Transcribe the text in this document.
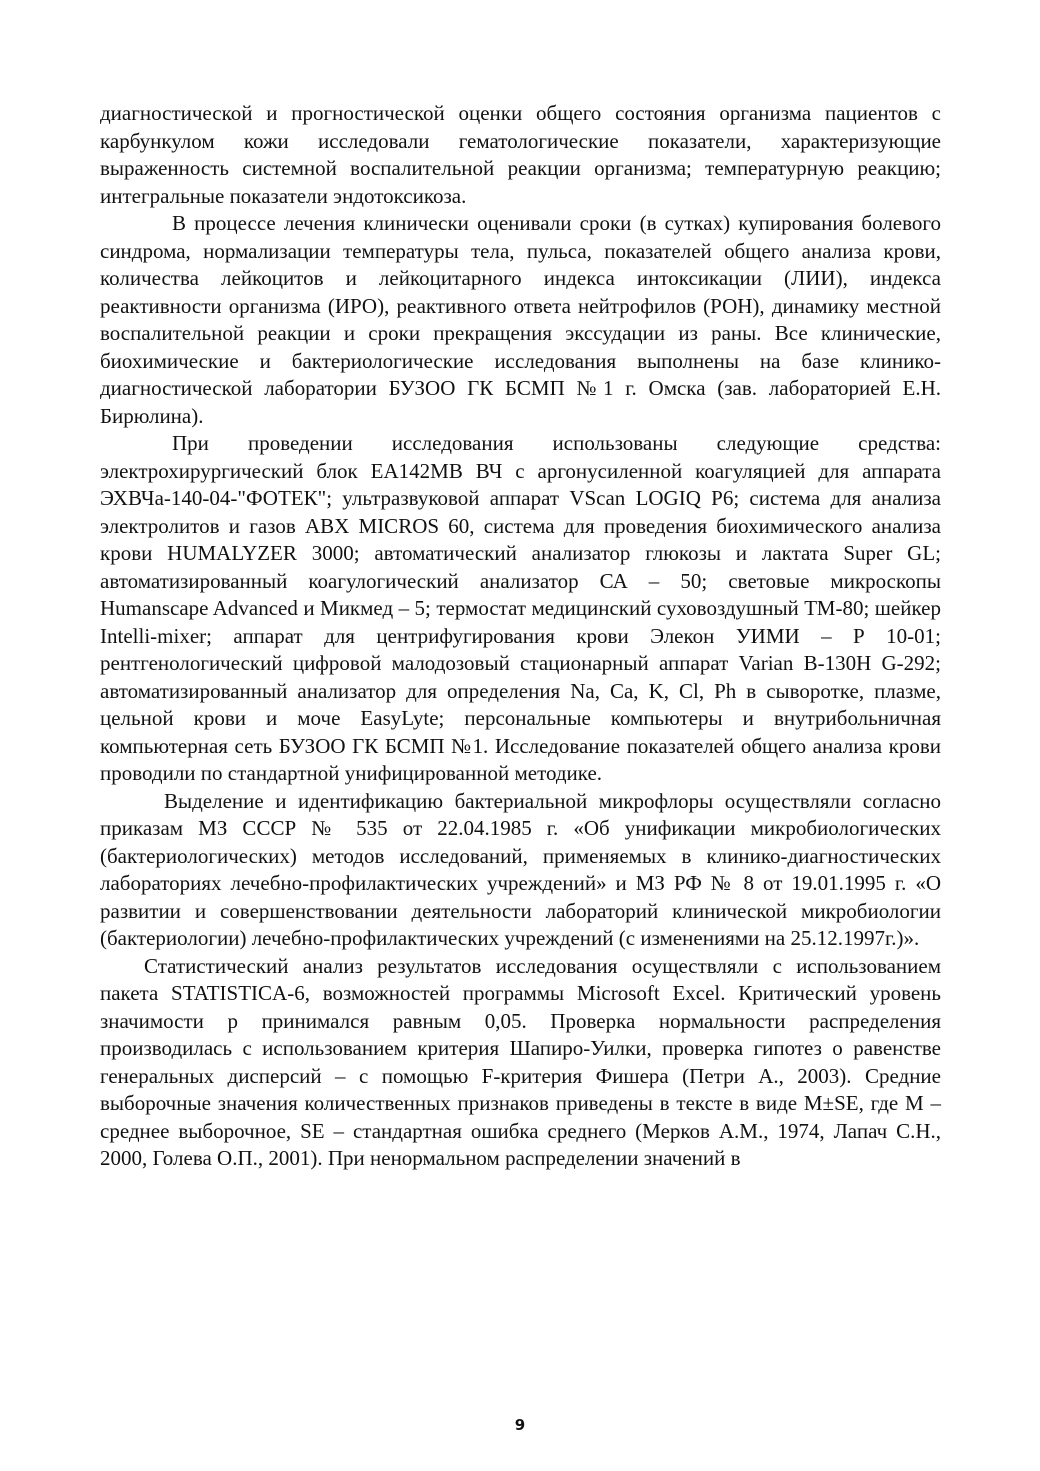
диагностической и прогностической оценки общего состояния организма пациентов с карбункулом кожи исследовали гематологические показатели, характеризующие выраженность системной воспалительной реакции организма; температурную реакцию; интегральные показатели эндотоксикоза.

В процессе лечения клинически оценивали сроки (в сутках) купирования болевого синдрома, нормализации температуры тела, пульса, показателей общего анализа крови, количества лейкоцитов и лейкоцитарного индекса интоксикации (ЛИИ), индекса реактивности организма (ИРО), реактивного ответа нейтрофилов (РОН), динамику местной воспалительной реакции и сроки прекращения экссудации из раны. Все клинические, биохимические и бактериологические исследования выполнены на базе клинико-диагностической лаборатории БУЗОО ГК БСМП №1 г. Омска (зав. лабораторией Е.Н. Бирюлина).

При проведении исследования использованы следующие средства: электрохирургический блок ЕА142МВ ВЧ с аргонусиленной коагуляцией для аппарата ЭХВЧа-140-04-"ФОТЕК"; ультразвуковой аппарат VScan LOGIQ P6; система для анализа электролитов и газов ABX MICROS 60, система для проведения биохимического анализа крови HUMALYZER 3000; автоматический анализатор глюкозы и лактата Super GL; автоматизированный коагулогический анализатор СА – 50; световые микроскопы Humanscape Advanced и Микмед – 5; термостат медицинский суховоздушный ТМ-80; шейкер Intelli-mixer; аппарат для центрифугирования крови Элекон УИМИ – Р 10-01; рентгенологический цифровой малодозовый стационарный аппарат Varian B-130H G-292; автоматизированный анализатор для определения Na, Ca, K, Cl, Ph в сыворотке, плазме, цельной крови и моче EasyLyte; персональные компьютеры и внутрибольничная компьютерная сеть БУЗОО ГК БСМП №1. Исследование показателей общего анализа крови проводили по стандартной унифицированной методике.

Выделение и идентификацию бактериальной микрофлоры осуществляли согласно приказам МЗ СССР № 535 от 22.04.1985 г. «Об унификации микробиологических (бактериологических) методов исследований, применяемых в клинико-диагностических лабораториях лечебно-профилактических учреждений» и МЗ РФ № 8 от 19.01.1995 г. «О развитии и совершенствовании деятельности лабораторий клинической микробиологии (бактериологии) лечебно-профилактических учреждений (с изменениями на 25.12.1997г.)».

Статистический анализ результатов исследования осуществляли с использованием пакета STATISTICA-6, возможностей программы Microsoft Excel. Критический уровень значимости p принимался равным 0,05. Проверка нормальности распределения производилась с использованием критерия Шапиро-Уилки, проверка гипотез о равенстве генеральных дисперсий – с помощью F-критерия Фишера (Петри А., 2003). Средние выборочные значения количественных признаков приведены в тексте в виде M±SE, где M – среднее выборочное, SE – стандартная ошибка среднего (Мерков А.М., 1974, Лапач С.Н., 2000, Голева О.П., 2001). При ненормальном распределении значений в

9
